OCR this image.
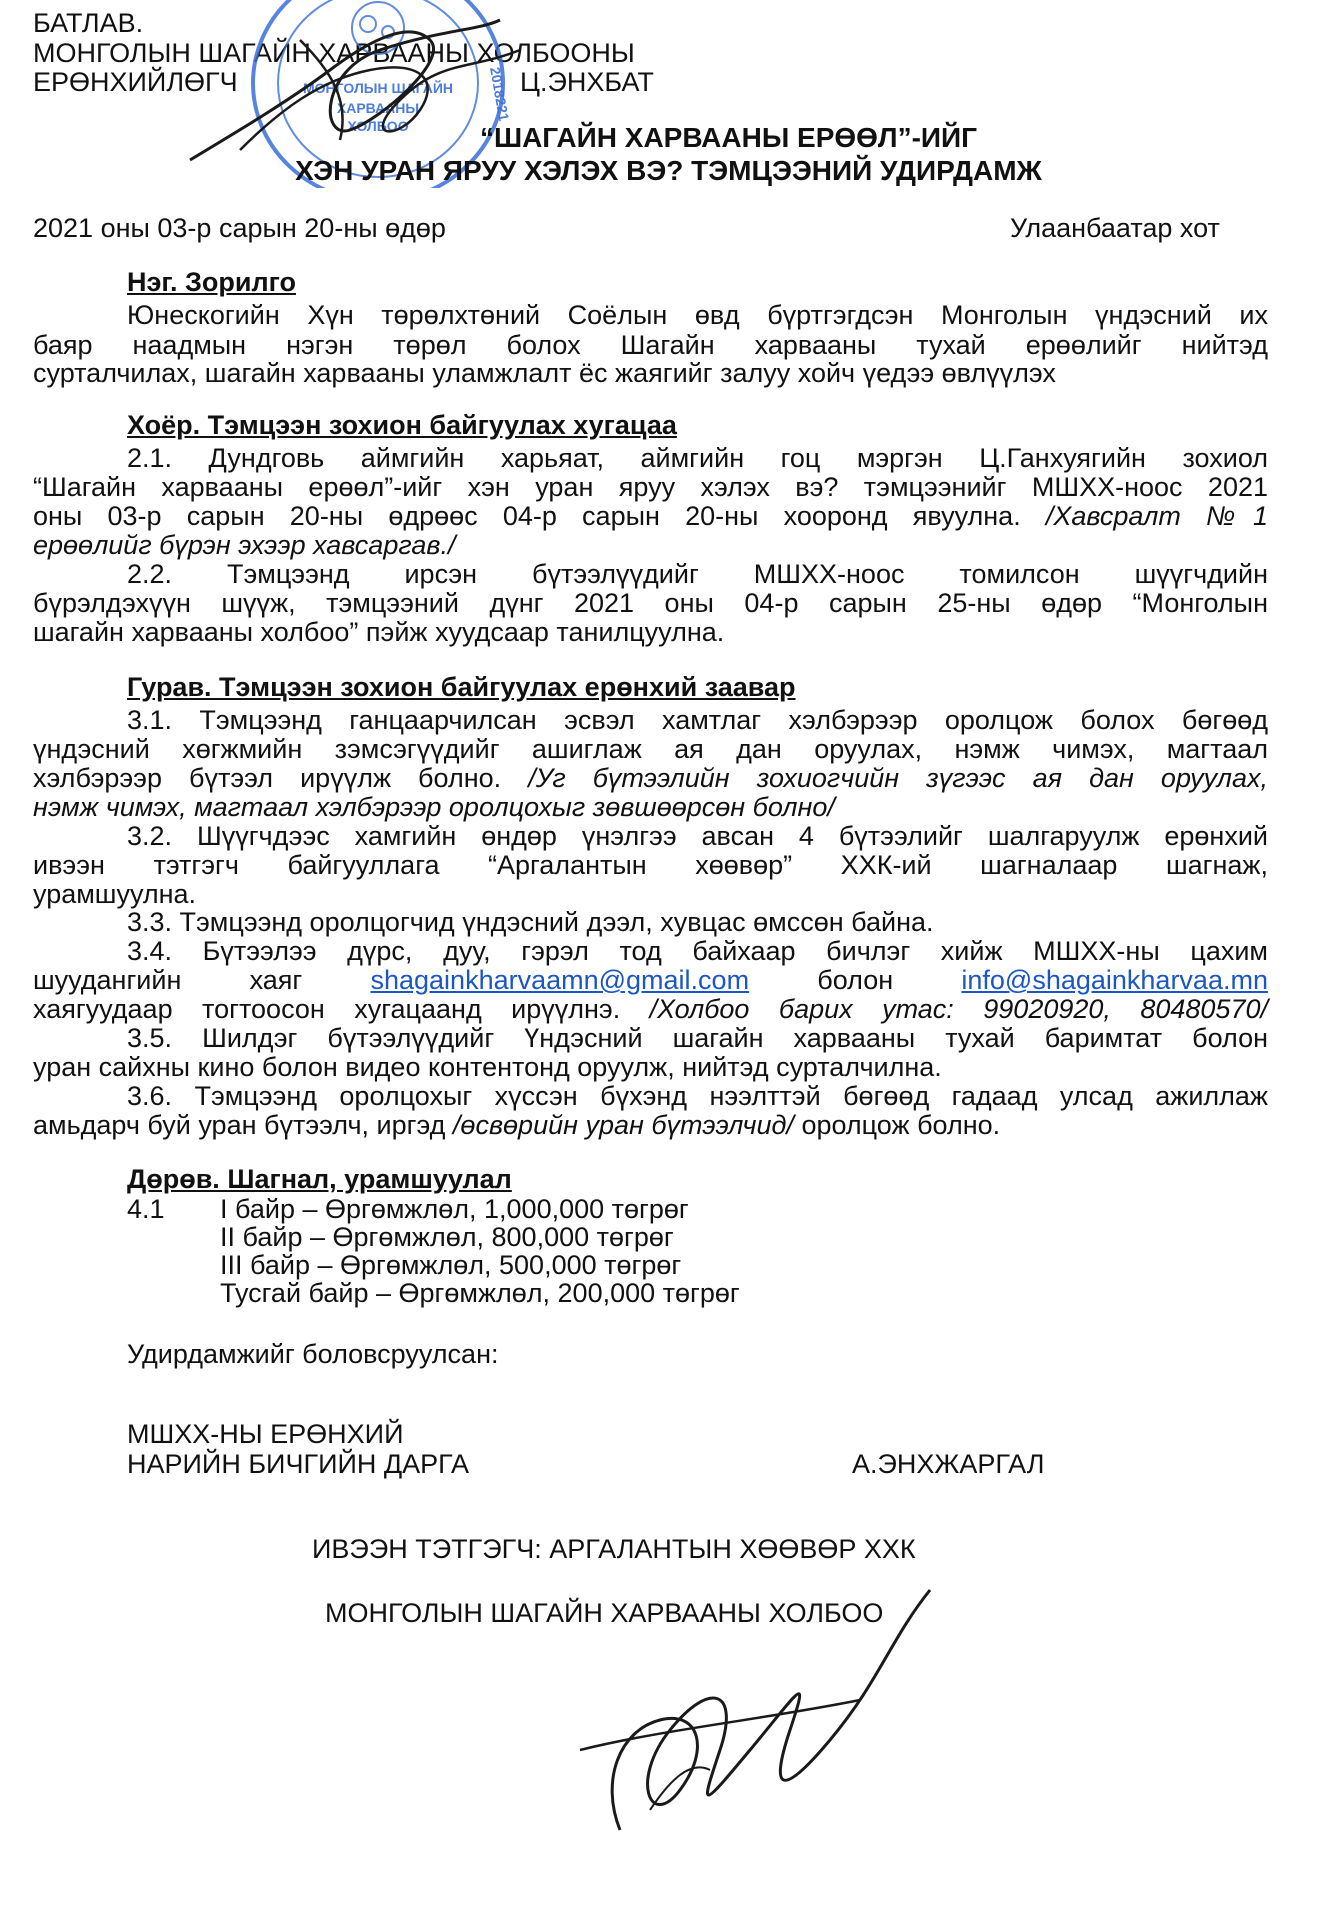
БАТЛАВ.
МОНГОЛЫН ШАГАЙН ХАРВААНЫ ХОЛБООНЫ
ЕРӨНХИЙЛӨГЧ	Ц.ЭНХБАТ
МОНГОЛЫН ШАГАЙН
ХАРВААНЫ
ХОЛБОО
2018221
“ШАГАЙН ХАРВААНЫ ЕРӨӨЛ”-ИЙГ
ХЭН УРАН ЯРУУ ХЭЛЭХ ВЭ? ТЭМЦЭЭНИЙ УДИРДАМЖ
2021 оны 03-р сарын 20-ны өдөр	Улаанбаатар хот
Нэг. Зорилго
Юнескогийн Хүн төрөлхтөний Соёлын өвд бүртгэгдсэн Монголын үндэсний их
баяр наадмын нэгэн төрөл болох Шагайн харвааны тухай ерөөлийг нийтэд
сурталчилах, шагайн харвааны уламжлалт ёс жаягийг залуу хойч үедээ өвлүүлэх
Хоёр. Тэмцээн зохион байгуулах хугацаа
2.1. Дундговь аймгийн харьяат, аймгийн гоц мэргэн Ц.Ганхуягийн зохиол
“Шагайн харвааны ерөөл”-ийг хэн уран яруу хэлэх вэ? тэмцээнийг МШХХ-ноос 2021
оны 03-р сарын 20-ны өдрөөс 04-р сарын 20-ны хооронд явуулна. /Хавсралт №1
ерөөлийг бүрэн эхээр хавсаргав./
2.2. Тэмцээнд ирсэн бүтээлүүдийг МШХХ-ноос томилсон шүүгчдийн
бүрэлдэхүүн шүүж, тэмцээний дүнг 2021 оны 04-р сарын 25-ны өдөр “Монголын
шагайн харвааны холбоо” пэйж хуудсаар танилцуулна.
Гурав. Тэмцээн зохион байгуулах ерөнхий заавар
3.1. Тэмцээнд ганцаарчилсан эсвэл хамтлаг хэлбэрээр оролцож болох бөгөөд
үндэсний хөгжмийн зэмсэгүүдийг ашиглаж ая дан оруулах, нэмж чимэх, магтаал
хэлбэрээр бүтээл ирүүлж болно. /Уг бүтээлийн зохиогчийн зүгээс ая дан оруулах,
нэмж чимэх, магтаал хэлбэрээр оролцохыг зөвшөөрсөн болно/
3.2. Шүүгчдээс хамгийн өндөр үнэлгээ авсан 4 бүтээлийг шалгаруулж ерөнхий
ивээн тэтгэгч байгууллага “Аргалантын хөөвөр” ХХК-ий шагналаар шагнаж,
урамшуулна.
3.3. Тэмцээнд оролцогчид үндэсний дээл, хувцас өмссөн байна.
3.4. Бүтээлээ дүрс, дуу, гэрэл тод байхаар бичлэг хийж МШХХ-ны цахим
шуудангийн хаяг	shagainkharvaamn@gmail.com	болон	info@shagainkharvaa.mn
хаягуудаар тогтоосон хугацаанд ирүүлнэ. /Холбоо барих утас: 99020920, 80480570/
3.5. Шилдэг бүтээлүүдийг Үндэсний шагайн харвааны тухай баримтат болон
уран сайхны кино болон видео контентонд оруулж, нийтэд сурталчилна.
3.6. Тэмцээнд оролцохыг хүссэн бүхэнд нээлттэй бөгөөд гадаад улсад ажиллаж
амьдарч буй уран бүтээлч, иргэд /өсвөрийн уран бүтээлчид/ оролцож болно.
Дөрөв. Шагнал, урамшуулал
4.1 I байр – Өргөмжлөл, 1,000,000 төгрөг
II байр – Өргөмжлөл, 800,000 төгрөг
III байр – Өргөмжлөл, 500,000 төгрөг
Тусгай байр – Өргөмжлөл, 200,000 төгрөг
Удирдамжийг боловсруулсан:
МШХХ-НЫ ЕРӨНХИЙ
НАРИЙН БИЧГИЙН ДАРГА	А.ЭНХЖАРГАЛ
ИВЭЭН ТЭТГЭГЧ: АРГАЛАНТЫН ХӨӨВӨР ХХК
МОНГОЛЫН ШАГАЙН ХАРВААНЫ ХОЛБОО
